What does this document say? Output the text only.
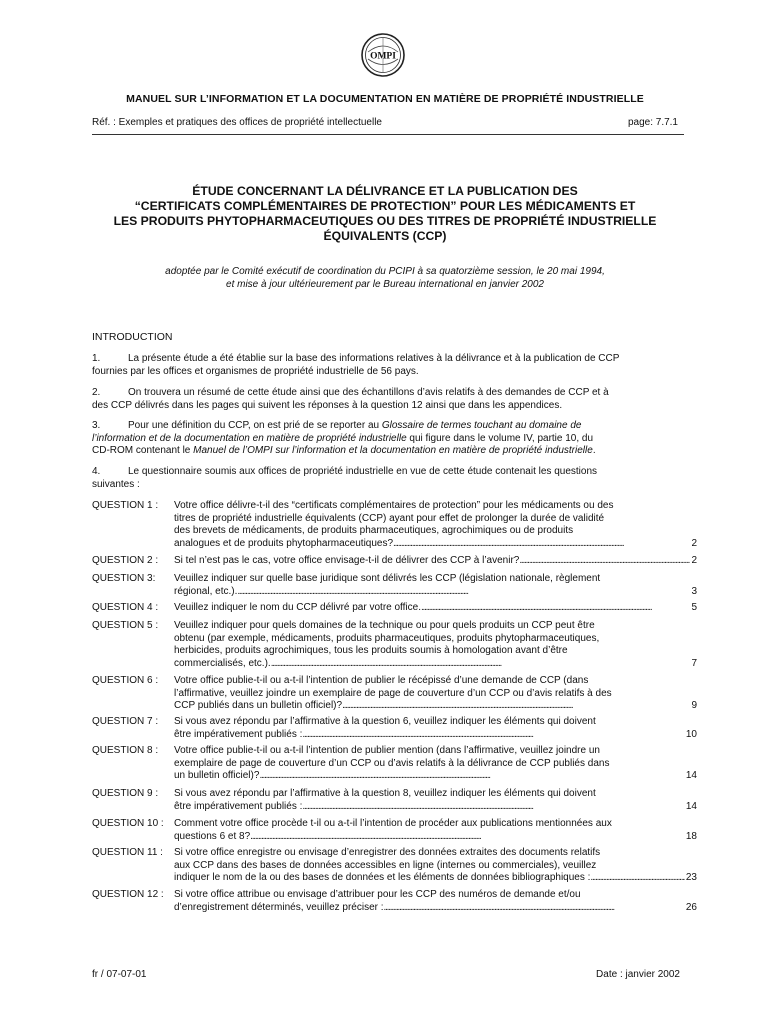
OMPI
MANUEL SUR L’INFORMATION ET LA DOCUMENTATION EN MATIÈRE DE PROPRIÉTÉ INDUSTRIELLE
Réf. : Exemples et pratiques des offices de propriété intellectuelle	page: 7.7.1
ÉTUDE CONCERNANT LA DÉLIVRANCE ET LA PUBLICATION DES
“CERTIFICATS COMPLÉMENTAIRES DE PROTECTION” POUR LES MÉDICAMENTS ET
LES PRODUITS PHYTOPHARMACEUTIQUES OU DES TITRES DE PROPRIÉTÉ INDUSTRIELLE
ÉQUIVALENTS (CCP)
adoptée par le Comité exécutif de coordination du PCIPI à sa quatorzième session, le 20 mai 1994,
et mise à jour ultérieurement par le Bureau international en janvier 2002
INTRODUCTION
1.	La présente étude a été établie sur la base des informations relatives à la délivrance et à la publication de CCP
fournies par les offices et organismes de propriété industrielle de 56 pays.
2.	On trouvera un résumé de cette étude ainsi que des échantillons d’avis relatifs à des demandes de CCP et à
des CCP délivrés dans les pages qui suivent les réponses à la question 12 ainsi que dans les appendices.
3.	Pour une définition du CCP, on est prié de se reporter au Glossaire de termes touchant au domaine de
l’information et de la documentation en matière de propriété industrielle qui figure dans le volume IV, partie 10, du
CD-ROM contenant le Manuel de l’OMPI sur l’information et la documentation en matière de propriété industrielle.
4.	Le questionnaire soumis aux offices de propriété industrielle en vue de cette étude contenait les questions
suivantes :
QUESTION 1 : Votre office délivre-t-il des “certificats complémentaires de protection” pour les médicaments ou des
titres de propriété industrielle équivalents (CCP) ayant pour effet de prolonger la durée de validité
des brevets de médicaments, de produits pharmaceutiques, agrochimiques ou de produits
analogues et de produits phytopharmaceutiques? . . .	2
QUESTION 2 : Si tel n’est pas le cas, votre office envisage-t-il de délivrer des CCP à l’avenir? . . .	2
QUESTION 3: Veuillez indiquer sur quelle base juridique sont délivrés les CCP (législation nationale, règlement
régional, etc.). . . .	3
QUESTION 4 : Veuillez indiquer le nom du CCP délivré par votre office. . . .	5
QUESTION 5 : Veuillez indiquer pour quels domaines de la technique ou pour quels produits un CCP peut être
obtenu (par exemple, médicaments, produits pharmaceutiques, produits phytopharmaceutiques,
herbicides, produits agrochimiques, tous les produits soumis à homologation avant d’être
commercialisés, etc.). . . .	7
QUESTION 6 : Votre office publie-t-il ou a-t-il l’intention de publier le récépissé d’une demande de CCP (dans
l’affirmative, veuillez joindre un exemplaire de page de couverture d’un CCP ou d’avis relatifs à des
CCP publiés dans un bulletin officiel)? . . .	9
QUESTION 7 : Si vous avez répondu par l’affirmative à la question 6, veuillez indiquer les éléments qui doivent
être impérativement publiés : . . .	10
QUESTION 8 : Votre office publie-t-il ou a-t-il l’intention de publier mention (dans l’affirmative, veuillez joindre un
exemplaire de page de couverture d’un CCP ou d’avis relatifs à la délivrance de CCP publiés dans
un bulletin officiel)? . . .	14
QUESTION 9 : Si vous avez répondu par l’affirmative à la question 8, veuillez indiquer les éléments qui doivent
être impérativement publiés : . . .	14
QUESTION 10 : Comment votre office procède t-il ou a-t-il l’intention de procéder aux publications mentionnées aux
questions 6 et 8? . . .	18
QUESTION 11 : Si votre office enregistre ou envisage d’enregistrer des données extraites des documents relatifs
aux CCP dans des bases de données accessibles en ligne (internes ou commerciales), veuillez
indiquer le nom de la ou des bases de données et les éléments de données bibliographiques : . . .	23
QUESTION 12 : Si votre office attribue ou envisage d’attribuer pour les CCP des numéros de demande et/ou
d’enregistrement déterminés, veuillez préciser : . . .	26
fr / 07-07-01	Date : janvier 2002
